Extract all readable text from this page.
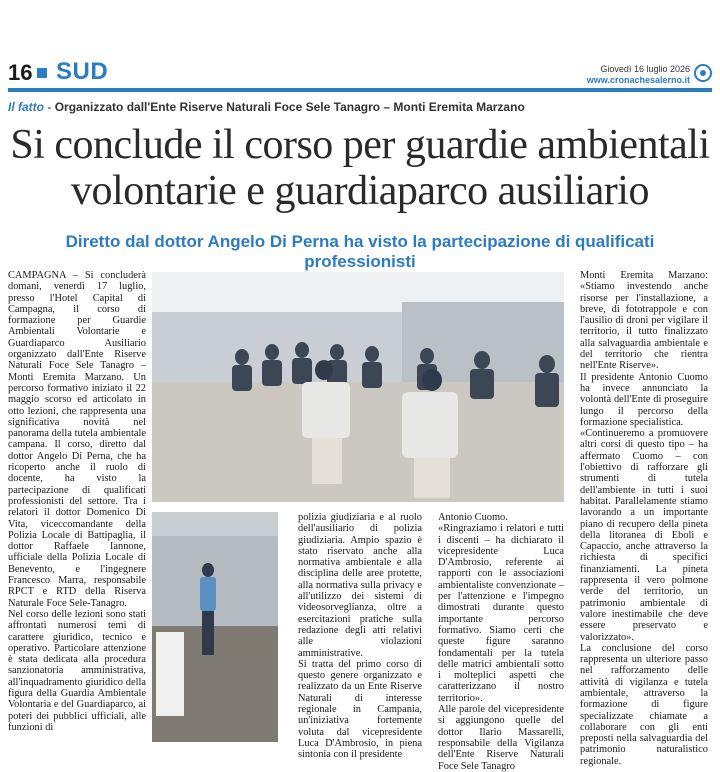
16 SUD	Giovedì 16 luglio 2026
www.cronachesalerno.it
Il fatto - Organizzato dall'Ente Riserve Naturali Foce Sele Tanagro – Monti Eremita Marzano
Si conclude il corso per guardie ambientali
volontarie e guardiaparco ausiliario
Diretto dal dottor Angelo Di Perna ha visto la partecipazione di qualificati professionisti

CAMPAGNA – Si concluderà domani, venerdì 17 luglio, presso l'Hotel Capital di Campagna, il corso di formazione per Guardie Ambientali Volontarie e Guardiaparco Ausiliario organizzato dall'Ente Riserve Naturali Foce Sele Tanagro – Monti Eremita Marzano. Un percorso formativo iniziato il 22 maggio scorso ed articolato in otto lezioni, che rappresenta una significativa novità nel panorama della tutela ambientale campana. Il corso, diretto dal dottor Angelo Di Perna, che ha ricoperto anche il ruolo di docente, ha visto la partecipazione di qualificati professionisti del settore. Tra i relatori il dottor Domenico Di Vita, viceccomandante della Polizia Locale di Battipaglia, il dottor Raffaele Iannone, ufficiale della Polizia Locale di Benevento, e l'ingegnere Francesco Marra, responsabile RPCT e RTD della Riserva Naturale Foce Sele-Tanagro.

Nel corso delle lezioni sono stati affrontati numerosi temi di carattere giuridico, tecnico e operativo. Particolare attenzione è stata dedicata alla procedura sanzionatoria amministrativa, all'inquadramento giuridico della figura della Guardia Ambientale Volontaria e del Guardiaparco, ai poteri dei pubblici ufficiali, alle funzioni di

polizia giudiziaria e al ruolo dell'ausiliario di polizia giudiziaria. Ampio spazio è stato riservato anche alla normativa ambientale e alla disciplina delle aree protette, alla normativa sulla privacy e all'utilizzo dei sistemi di videosorveglianza, oltre a esercitazioni pratiche sulla redazione degli atti relativi alle violazioni amministrative.

Si tratta del primo corso di questo genere organizzato e realizzato da un Ente Riserve Naturali di interesse regionale in Campania, un'iniziativa fortemente voluta dal vicepresidente Luca D'Ambrosio, in piena sintonia con il presidente

Antonio Cuomo.

«Ringraziamo i relatori e tutti i discenti – ha dichiarato il vicepresidente Luca D'Ambrosio, referente ai rapporti con le associazioni ambientaliste convenzionate – per l'attenzione e l'impegno dimostrati durante questo importante percorso formativo. Siamo certi che queste figure saranno fondamentali per la tutela delle matrici ambientali sotto i molteplici aspetti che caratterizzano il nostro territorio».

Alle parole del vicepresidente si aggiungono quelle del dottor Ilario Massarelli, responsabile della Vigilanza dell'Ente Riserve Naturali Foce Sele Tanagro

Monti Eremita Marzano: «Stiamo investendo anche risorse per l'installazione, a breve, di fototrappole e con l'ausilio di droni per vigilare il territorio, il tutto finalizzato alla salvaguardia ambientale e del territorio che rientra nell'Ente Riserve».

Il presidente Antonio Cuomo ha invece annunciato la volontà dell'Ente di proseguire lungo il percorso della formazione specialistica.

«Continueremo a promuovere altri corsi di questo tipo – ha affermato Cuomo – con l'obiettivo di rafforzare gli strumenti di tutela dell'ambiente in tutti i suoi habitat. Parallelamente stiamo lavorando a un importante piano di recupero della pineta della litoranea di Eboli e Capaccio, anche attraverso la richiesta di specifici finanziamenti. La pineta rappresenta il vero polmone verde del territorio, un patrimonio ambientale di valore inestimabile che deve essere preservato e valorizzato».

La conclusione del corso rappresenta un ulteriore passo nel rafforzamento delle attività di vigilanza e tutela ambientale, attraverso la formazione di figure specializzate chiamate a collaborare con gli enti preposti nella salvaguardia del patrimonio naturalistico regionale.
